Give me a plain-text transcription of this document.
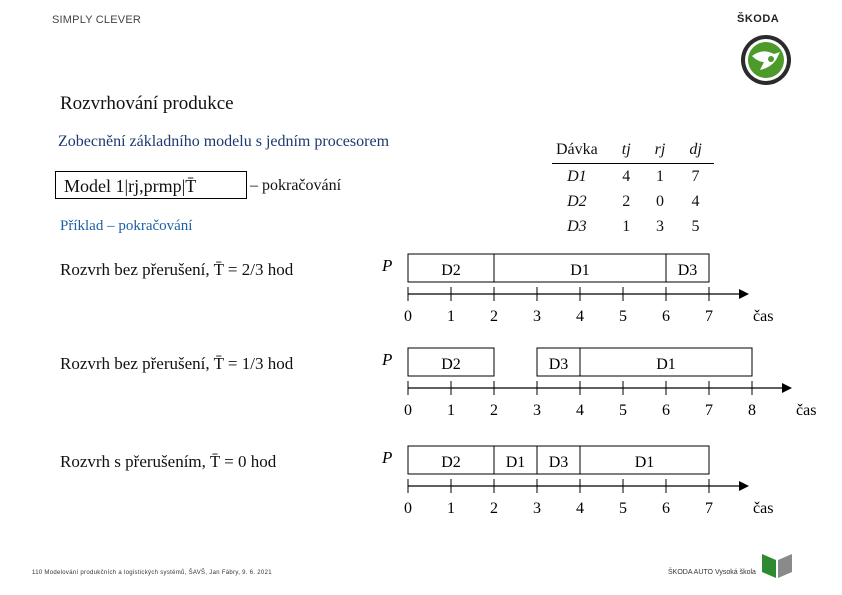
SIMPLY CLEVER	ŠKODA
Rozvrhování produkce
Zobecnění základního modelu s jedním procesorem
Model 1|rj,prmp|T̄	– pokračování
Příklad – pokračování
Dávka	tj	rj	dj
D1	4	1	7
D2	2	0	4
D3	1	3	5
Rozvrh bez přerušení, T̄ = 2/3 hod
Rozvrh bez přerušení, T̄ = 1/3 hod
Rozvrh s přerušením, T̄ = 0 hod
P	D2	D1	D3
0 1 2 3 4 5 6 7	čas
P	D2	D3	D1
0 1 2 3 4 5 6 7 8	čas
P	D2	D1 D3	D1
0 1 2 3 4 5 6 7	čas
110 Modelování produkčních a logistických systémů, ŠAVŠ, Jan Fábry, 9. 6. 2021	ŠKODA AUTO Vysoká škola
